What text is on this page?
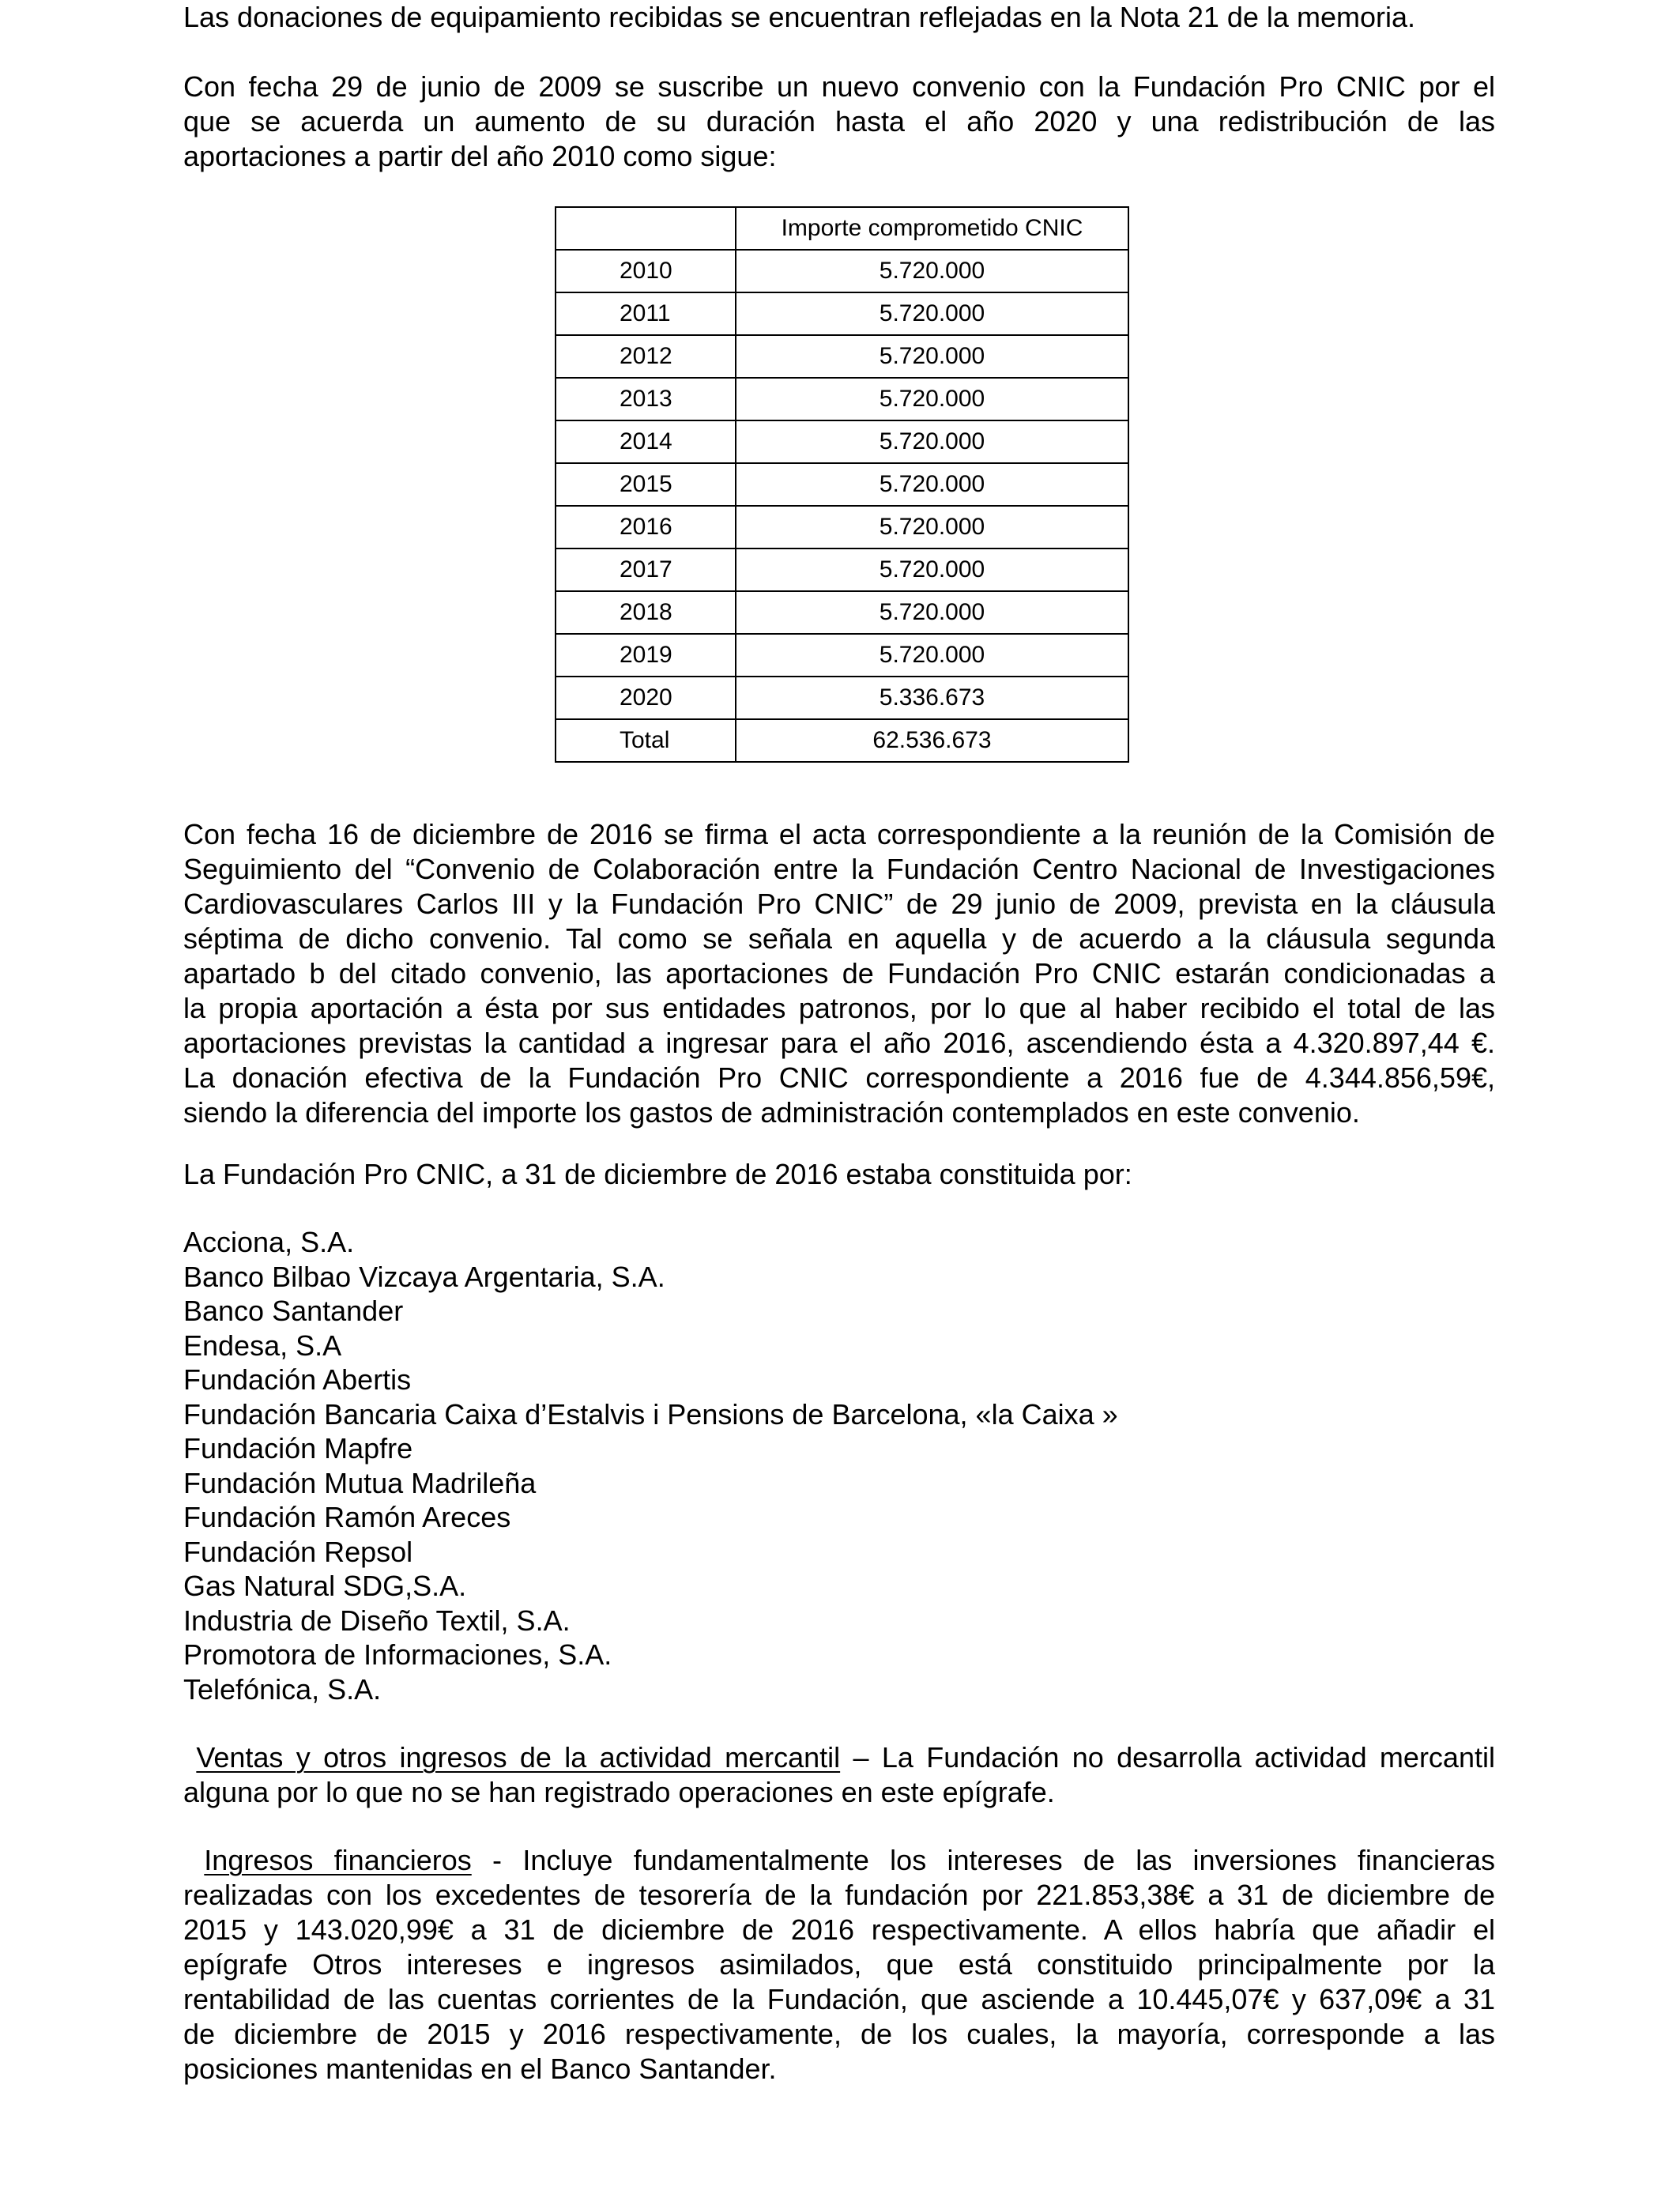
Las donaciones de equipamiento recibidas se encuentran reflejadas en la Nota 21 de la memoria.
Con fecha 29 de junio de 2009 se suscribe un nuevo convenio con la Fundación Pro CNIC por el
que se acuerda un aumento de su duración hasta el año 2020 y una redistribución de las
aportaciones a partir del año 2010 como sigue:
	Importe comprometido CNIC
2010	5.720.000
2011	5.720.000
2012	5.720.000
2013	5.720.000
2014	5.720.000
2015	5.720.000
2016	5.720.000
2017	5.720.000
2018	5.720.000
2019	5.720.000
2020	5.336.673
Total	62.536.673
Con fecha 16 de diciembre de 2016 se firma el acta correspondiente a la reunión de la Comisión de
Seguimiento del “Convenio de Colaboración entre la Fundación Centro Nacional de Investigaciones
Cardiovasculares Carlos III y la Fundación Pro CNIC” de 29 junio de 2009, prevista en la cláusula
séptima de dicho convenio. Tal como se señala en aquella y de acuerdo a la cláusula segunda
apartado b del citado convenio, las aportaciones de Fundación Pro CNIC estarán condicionadas a
la propia aportación a ésta por sus entidades patronos, por lo que al haber recibido el total de las
aportaciones previstas la cantidad a ingresar para el año 2016, ascendiendo ésta a 4.320.897,44 €.
La donación efectiva de la Fundación Pro CNIC correspondiente a 2016 fue de 4.344.856,59€,
siendo la diferencia del importe los gastos de administración contemplados en este convenio.
La Fundación Pro CNIC, a 31 de diciembre de 2016 estaba constituida por:
Acciona, S.A.
Banco Bilbao Vizcaya Argentaria, S.A.
Banco Santander
Endesa, S.A
Fundación Abertis
Fundación Bancaria Caixa d’Estalvis i Pensions de Barcelona, «la Caixa »
Fundación Mapfre
Fundación Mutua Madrileña
Fundación Ramón Areces
Fundación Repsol
Gas Natural SDG,S.A.
Industria de Diseño Textil, S.A.
Promotora de Informaciones, S.A.
Telefónica, S.A.
Ventas y otros ingresos de la actividad mercantil – La Fundación no desarrolla actividad mercantil
alguna por lo que no se han registrado operaciones en este epígrafe.
Ingresos financieros - Incluye fundamentalmente los intereses de las inversiones financieras
realizadas con los excedentes de tesorería de la fundación por 221.853,38€ a 31 de diciembre de
2015 y 143.020,99€ a 31 de diciembre de 2016 respectivamente. A ellos habría que añadir el
epígrafe Otros intereses e ingresos asimilados, que está constituido principalmente por la
rentabilidad de las cuentas corrientes de la Fundación, que asciende a 10.445,07€ y 637,09€ a 31
de diciembre de 2015 y 2016 respectivamente, de los cuales, la mayoría, corresponde a las
posiciones mantenidas en el Banco Santander.
